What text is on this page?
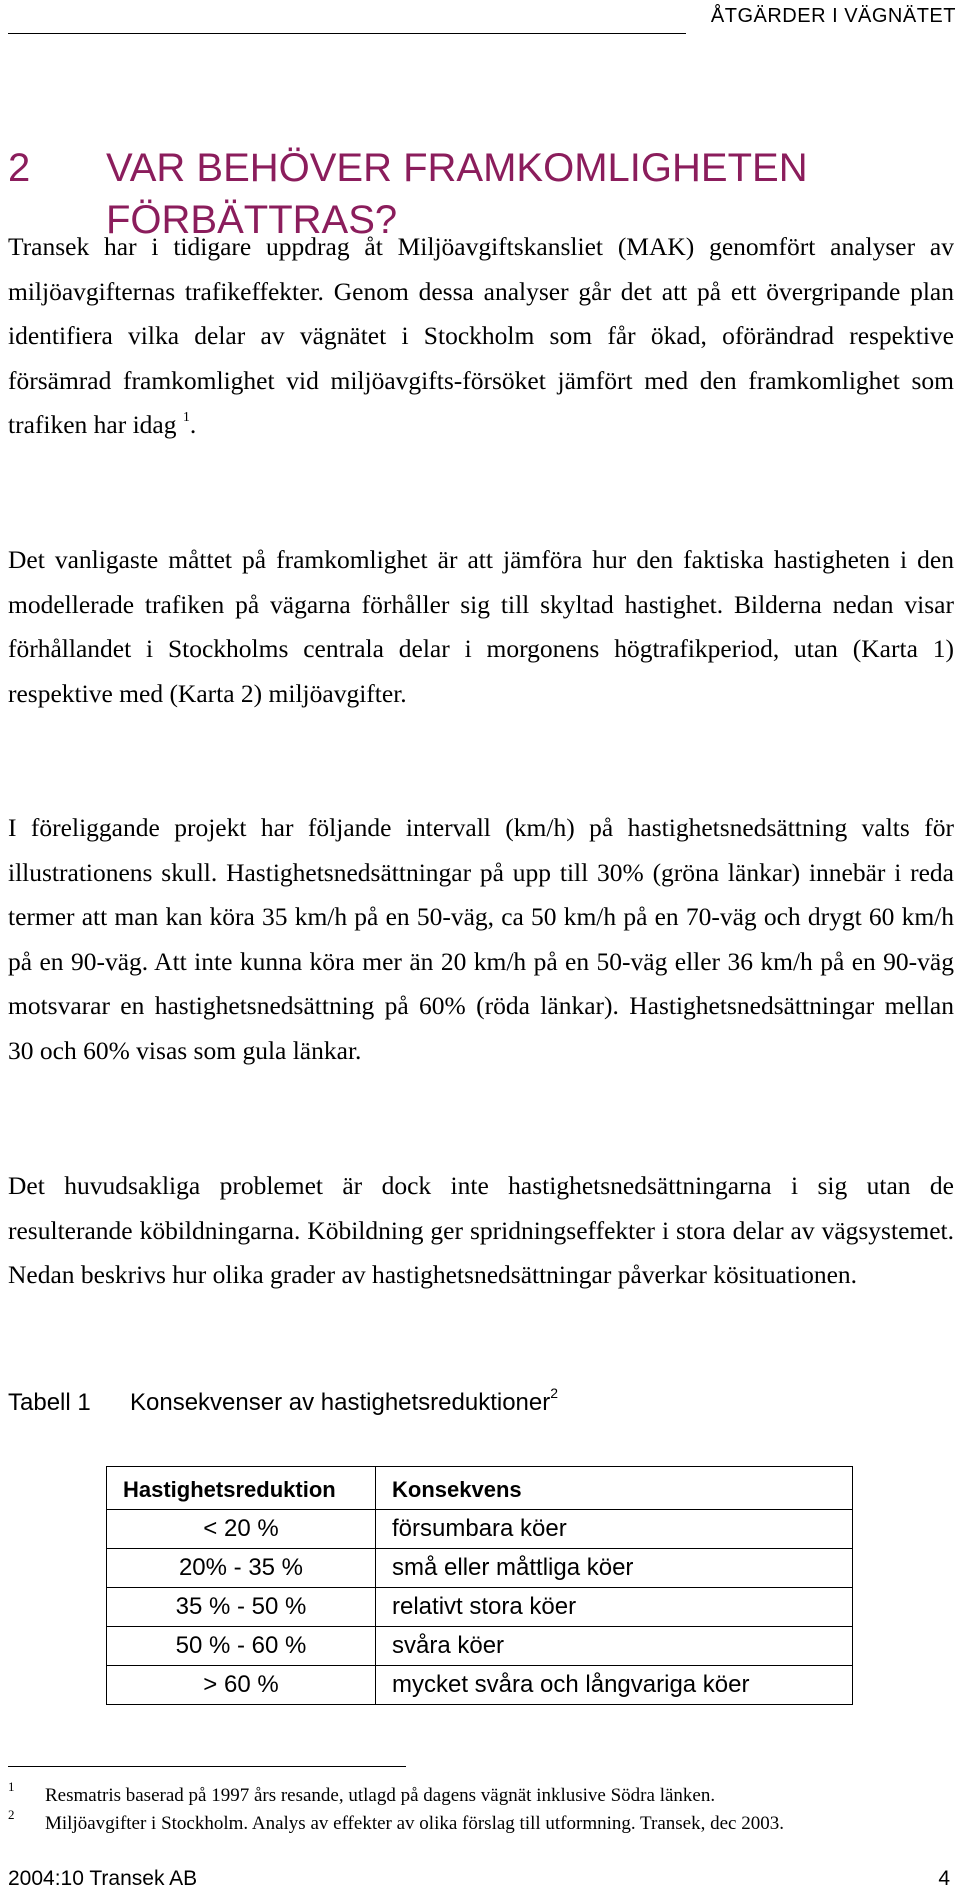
ÅTGÄRDER I VÄGNÄTET
2 VAR BEHÖVER FRAMKOMLIGHETEN FÖRBÄTTRAS?

Transek har i tidigare uppdrag åt Miljöavgiftskansliet (MAK) genomfört analyser av miljöavgifternas trafikeffekter. Genom dessa analyser går det att på ett övergripande plan identifiera vilka delar av vägnätet i Stockholm som får ökad, oförändrad respektive försämrad framkomlighet vid miljöavgifts-försöket jämfört med den framkomlighet som trafiken har idag $^1$.

Det vanligaste måttet på framkomlighet är att jämföra hur den faktiska hastigheten i den modellerade trafiken på vägarna förhåller sig till skyltad hastighet. Bilderna nedan visar förhållandet i Stockholms centrala delar i morgonens högtrafikperiod, utan (Karta 1) respektive med (Karta 2) miljöavgifter.

I föreliggande projekt har följande intervall (km/h) på hastighetsnedsättning valts för illustrationens skull. Hastighetsnedsättningar på upp till 30% (gröna länkar) innebär i reda termer att man kan köra 35 km/h på en 50-väg, ca 50 km/h på en 70-väg och drygt 60 km/h på en 90-väg. Att inte kunna köra mer än 20 km/h på en 50-väg eller 36 km/h på en 90-väg motsvarar en hastighetsnedsättning på 60% (röda länkar). Hastighetsnedsättningar mellan 30 och 60% visas som gula länkar.

Det huvudsakliga problemet är dock inte hastighetsnedsättningarna i sig utan de resulterande köbildningarna. Köbildning ger spridningseffekter i stora delar av vägsystemet. Nedan beskrivs hur olika grader av hastighetsnedsättningar påverkar kösituationen.

Tabell 1 Konsekvenser av hastighetsreduktioner$^2$
Hastighetsreduktion	Konsekvens
< 20 %	försumbara köer
20% - 35 %	små eller måttliga köer
35 % - 50 %	relativt stora köer
50 % - 60 %	svåra köer
> 60 %	mycket svåra och långvariga köer
1 Resmatris baserad på 1997 års resande, utlagd på dagens vägnät inklusive Södra länken.
2 Miljöavgifter i Stockholm. Analys av effekter av olika förslag till utformning. Transek, dec 2003.
2004:10 Transek AB	4
